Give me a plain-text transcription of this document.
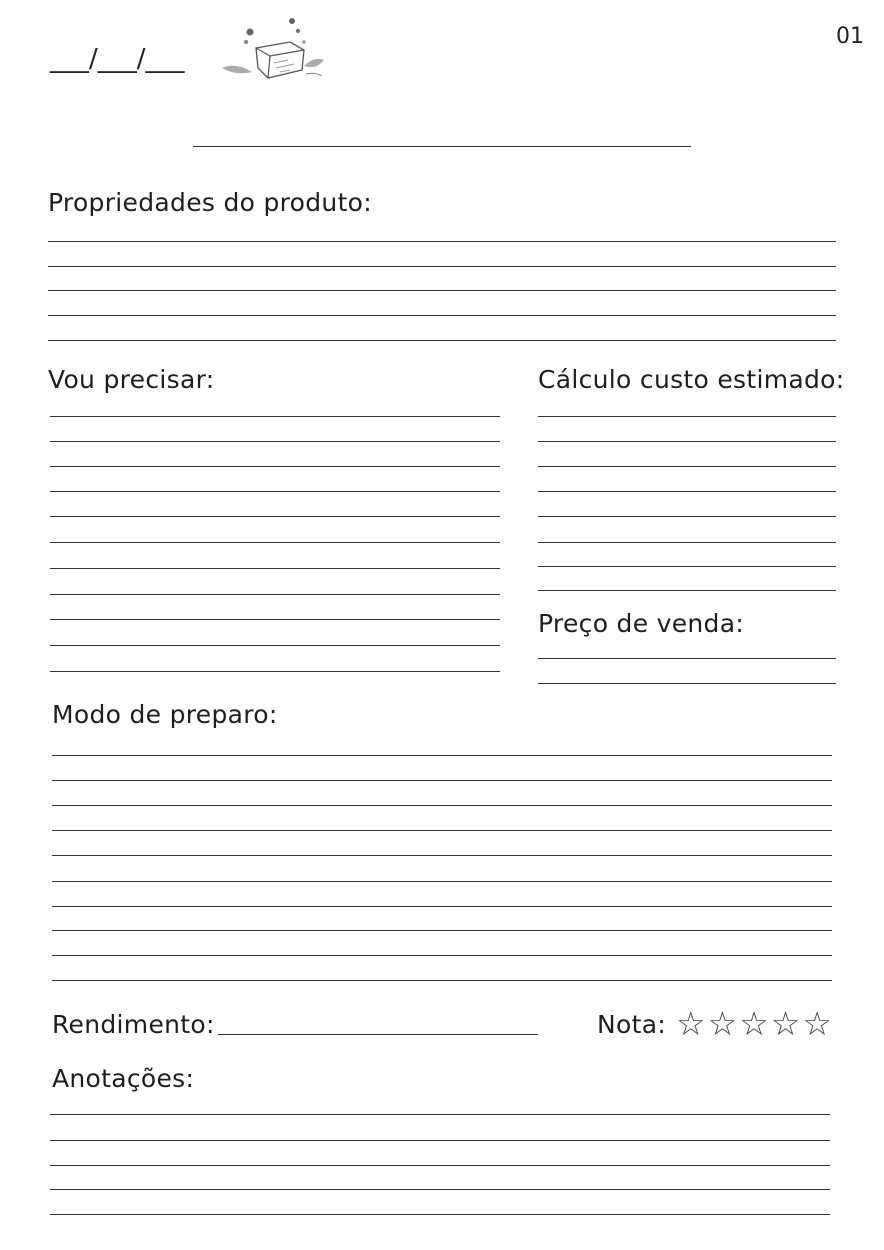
___/___/___
01
Propriedades do produto:
Vou precisar:	Cálculo custo estimado:
Preço de venda:
Modo de preparo:
Rendimento:	Nota: ☆ ☆ ☆ ☆ ☆
Anotações:
